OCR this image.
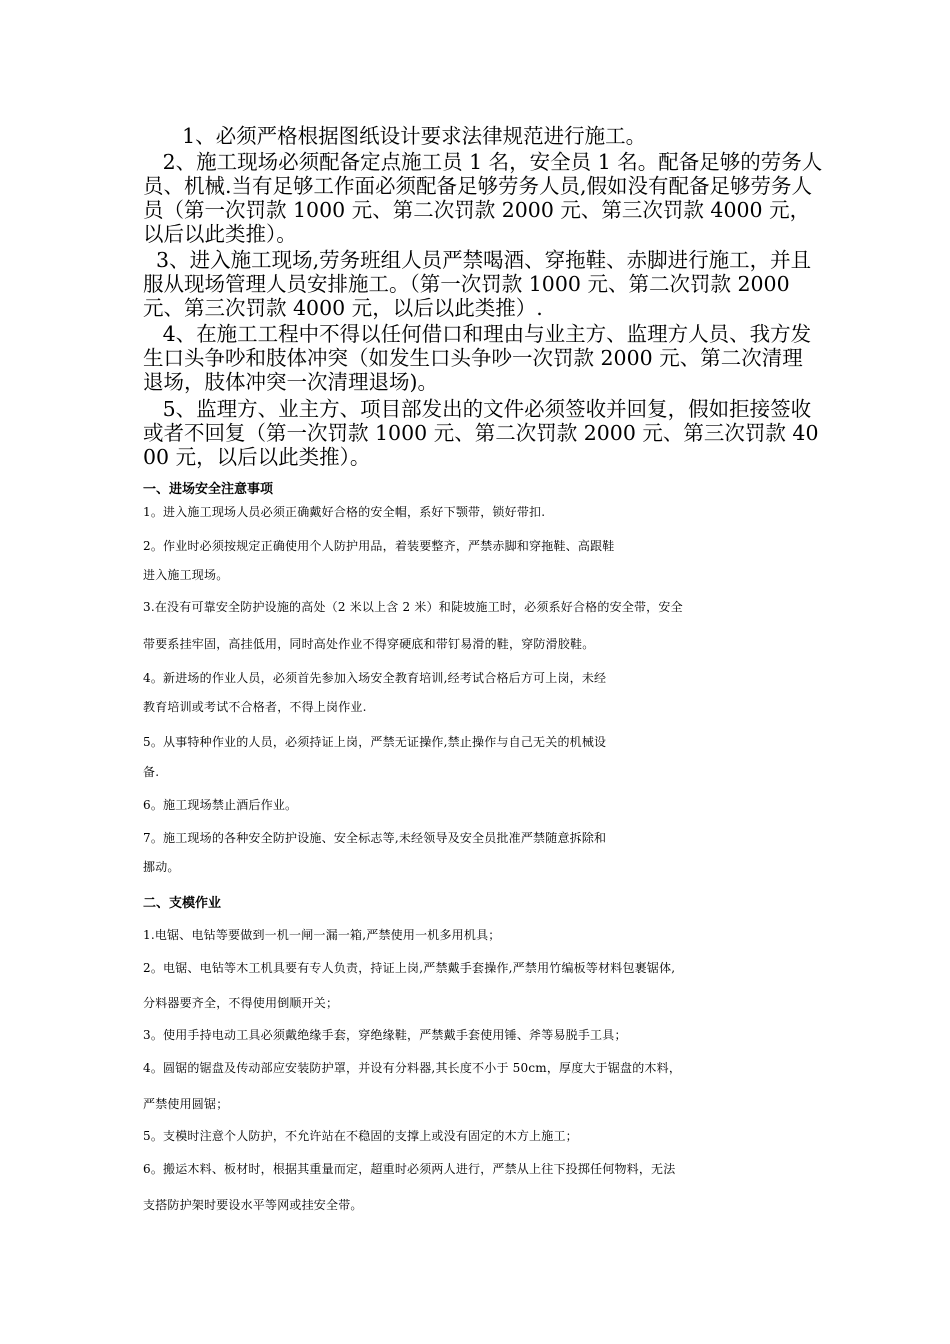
1、必须严格根据图纸设计要求法律规范进行施工。

2、施工现场必须配备定点施工员 1 名，安全员 1 名。配备足够的劳务人员、机械.当有足够工作面必须配备足够劳务人员,假如没有配备足够劳务人员（第一次罚款 1000 元、第二次罚款 2000 元、第三次罚款 4000 元，以后以此类推）。

3、进入施工现场,劳务班组人员严禁喝酒、穿拖鞋、赤脚进行施工，并且服从现场管理人员安排施工。（第一次罚款 1000 元、第二次罚款 2000 元、第三次罚款 4000 元，以后以此类推）.

4、在施工工程中不得以任何借口和理由与业主方、监理方人员、我方发生口头争吵和肢体冲突（如发生口头争吵一次罚款 2000 元、第二次清理退场，肢体冲突一次清理退场)。

5、监理方、业主方、项目部发出的文件必须签收并回复，假如拒接签收或者不回复（第一次罚款 1000 元、第二次罚款 2000 元、第三次罚款 4000 元，以后以此类推）。

一、进场安全注意事项

1。进入施工现场人员必须正确戴好合格的安全帽，系好下颚带，锁好带扣.

2。作业时必须按规定正确使用个人防护用品，着装要整齐，严禁赤脚和穿拖鞋、高跟鞋

进入施工现场。

3.在没有可靠安全防护设施的高处（2 米以上含 2 米）和陡坡施工时，必须系好合格的安全带，安全

带要系挂牢固，高挂低用，同时高处作业不得穿硬底和带钉易滑的鞋，穿防滑胶鞋。

4。新进场的作业人员，必须首先参加入场安全教育培训,经考试合格后方可上岗，未经

教育培训或考试不合格者，不得上岗作业.

5。从事特种作业的人员，必须持证上岗，严禁无证操作,禁止操作与自己无关的机械设

备.

6。施工现场禁止酒后作业。

7。施工现场的各种安全防护设施、安全标志等,未经领导及安全员批准严禁随意拆除和

挪动。

二、支模作业

1.电锯、电钻等要做到一机一闸一漏一箱,严禁使用一机多用机具；

2。电锯、电钻等木工机具要有专人负责，持证上岗,严禁戴手套操作,严禁用竹编板等材料包裹锯体,

分料器要齐全，不得使用倒顺开关；

3。使用手持电动工具必须戴绝缘手套，穿绝缘鞋，严禁戴手套使用锤、斧等易脱手工具；

4。圆锯的锯盘及传动部应安装防护罩，并设有分料器,其长度不小于 50cm，厚度大于锯盘的木料，

严禁使用圆锯；

5。支模时注意个人防护，不允许站在不稳固的支撑上或没有固定的木方上施工；

6。搬运木料、板材时，根据其重量而定，超重时必须两人进行，严禁从上往下投掷任何物料，无法

支搭防护架时要设水平等网或挂安全带。
